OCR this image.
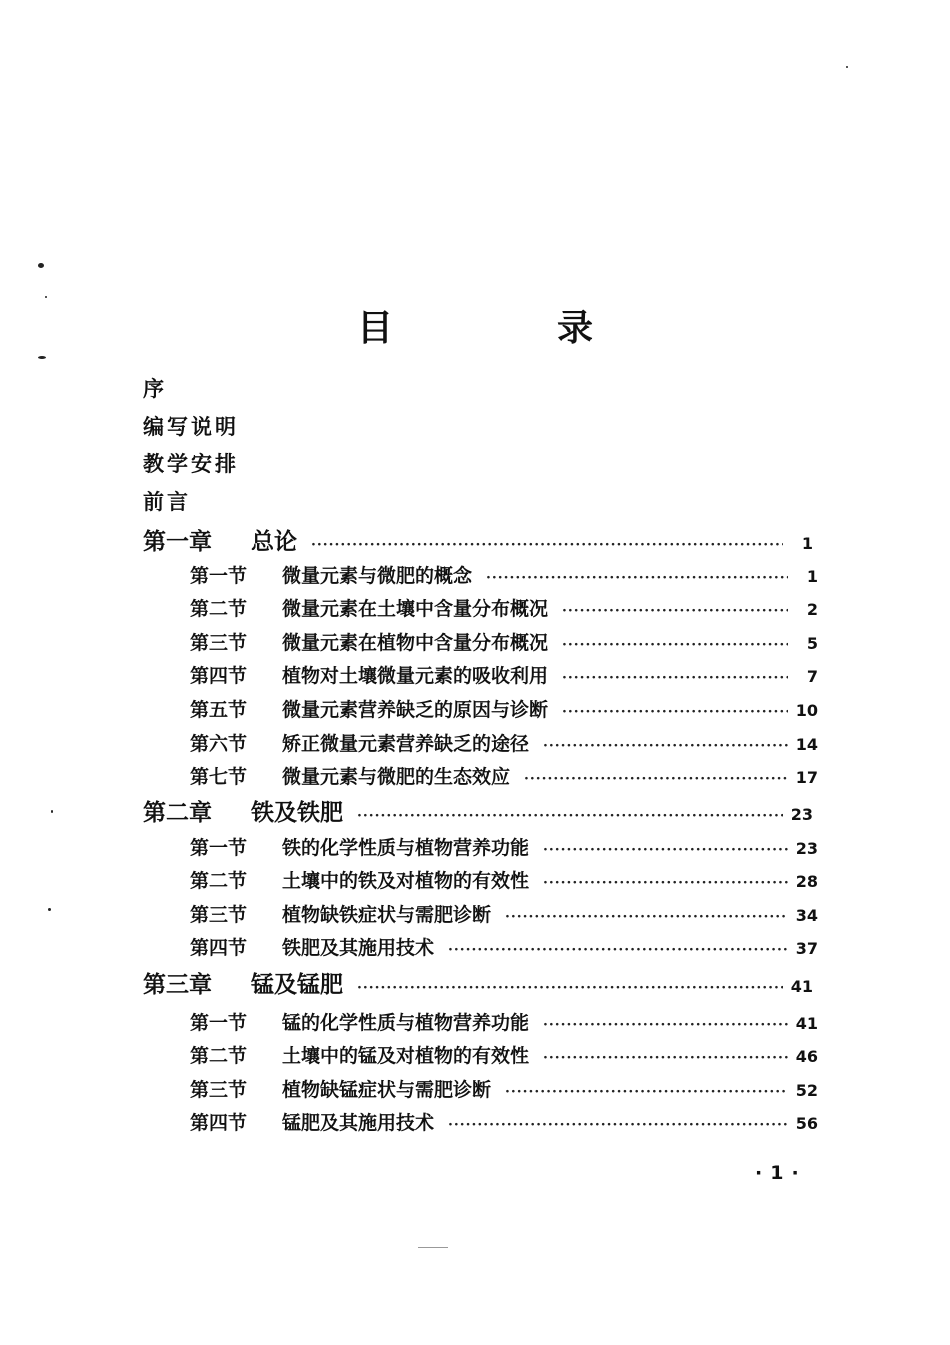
目　录
序
编写说明
教学安排
前言
第一章	总论 ·····	1
第一节	微量元素与微肥的概念 ·····	1
第二节	微量元素在土壤中含量分布概况 ·····	2
第三节	微量元素在植物中含量分布概况 ·····	5
第四节	植物对土壤微量元素的吸收利用 ·····	7
第五节	微量元素营养缺乏的原因与诊断 ·····	10
第六节	矫正微量元素营养缺乏的途径 ·····	14
第七节	微量元素与微肥的生态效应 ·····	17
第二章	铁及铁肥 ·····	23
第一节	铁的化学性质与植物营养功能 ·····	23
第二节	土壤中的铁及对植物的有效性 ·····	28
第三节	植物缺铁症状与需肥诊断 ·····	34
第四节	铁肥及其施用技术 ·····	37
第三章	锰及锰肥 ·····	41
第一节	锰的化学性质与植物营养功能 ·····	41
第二节	土壤中的锰及对植物的有效性 ·····	46
第三节	植物缺锰症状与需肥诊断 ·····	52
第四节	锰肥及其施用技术 ·····	56
·1·
